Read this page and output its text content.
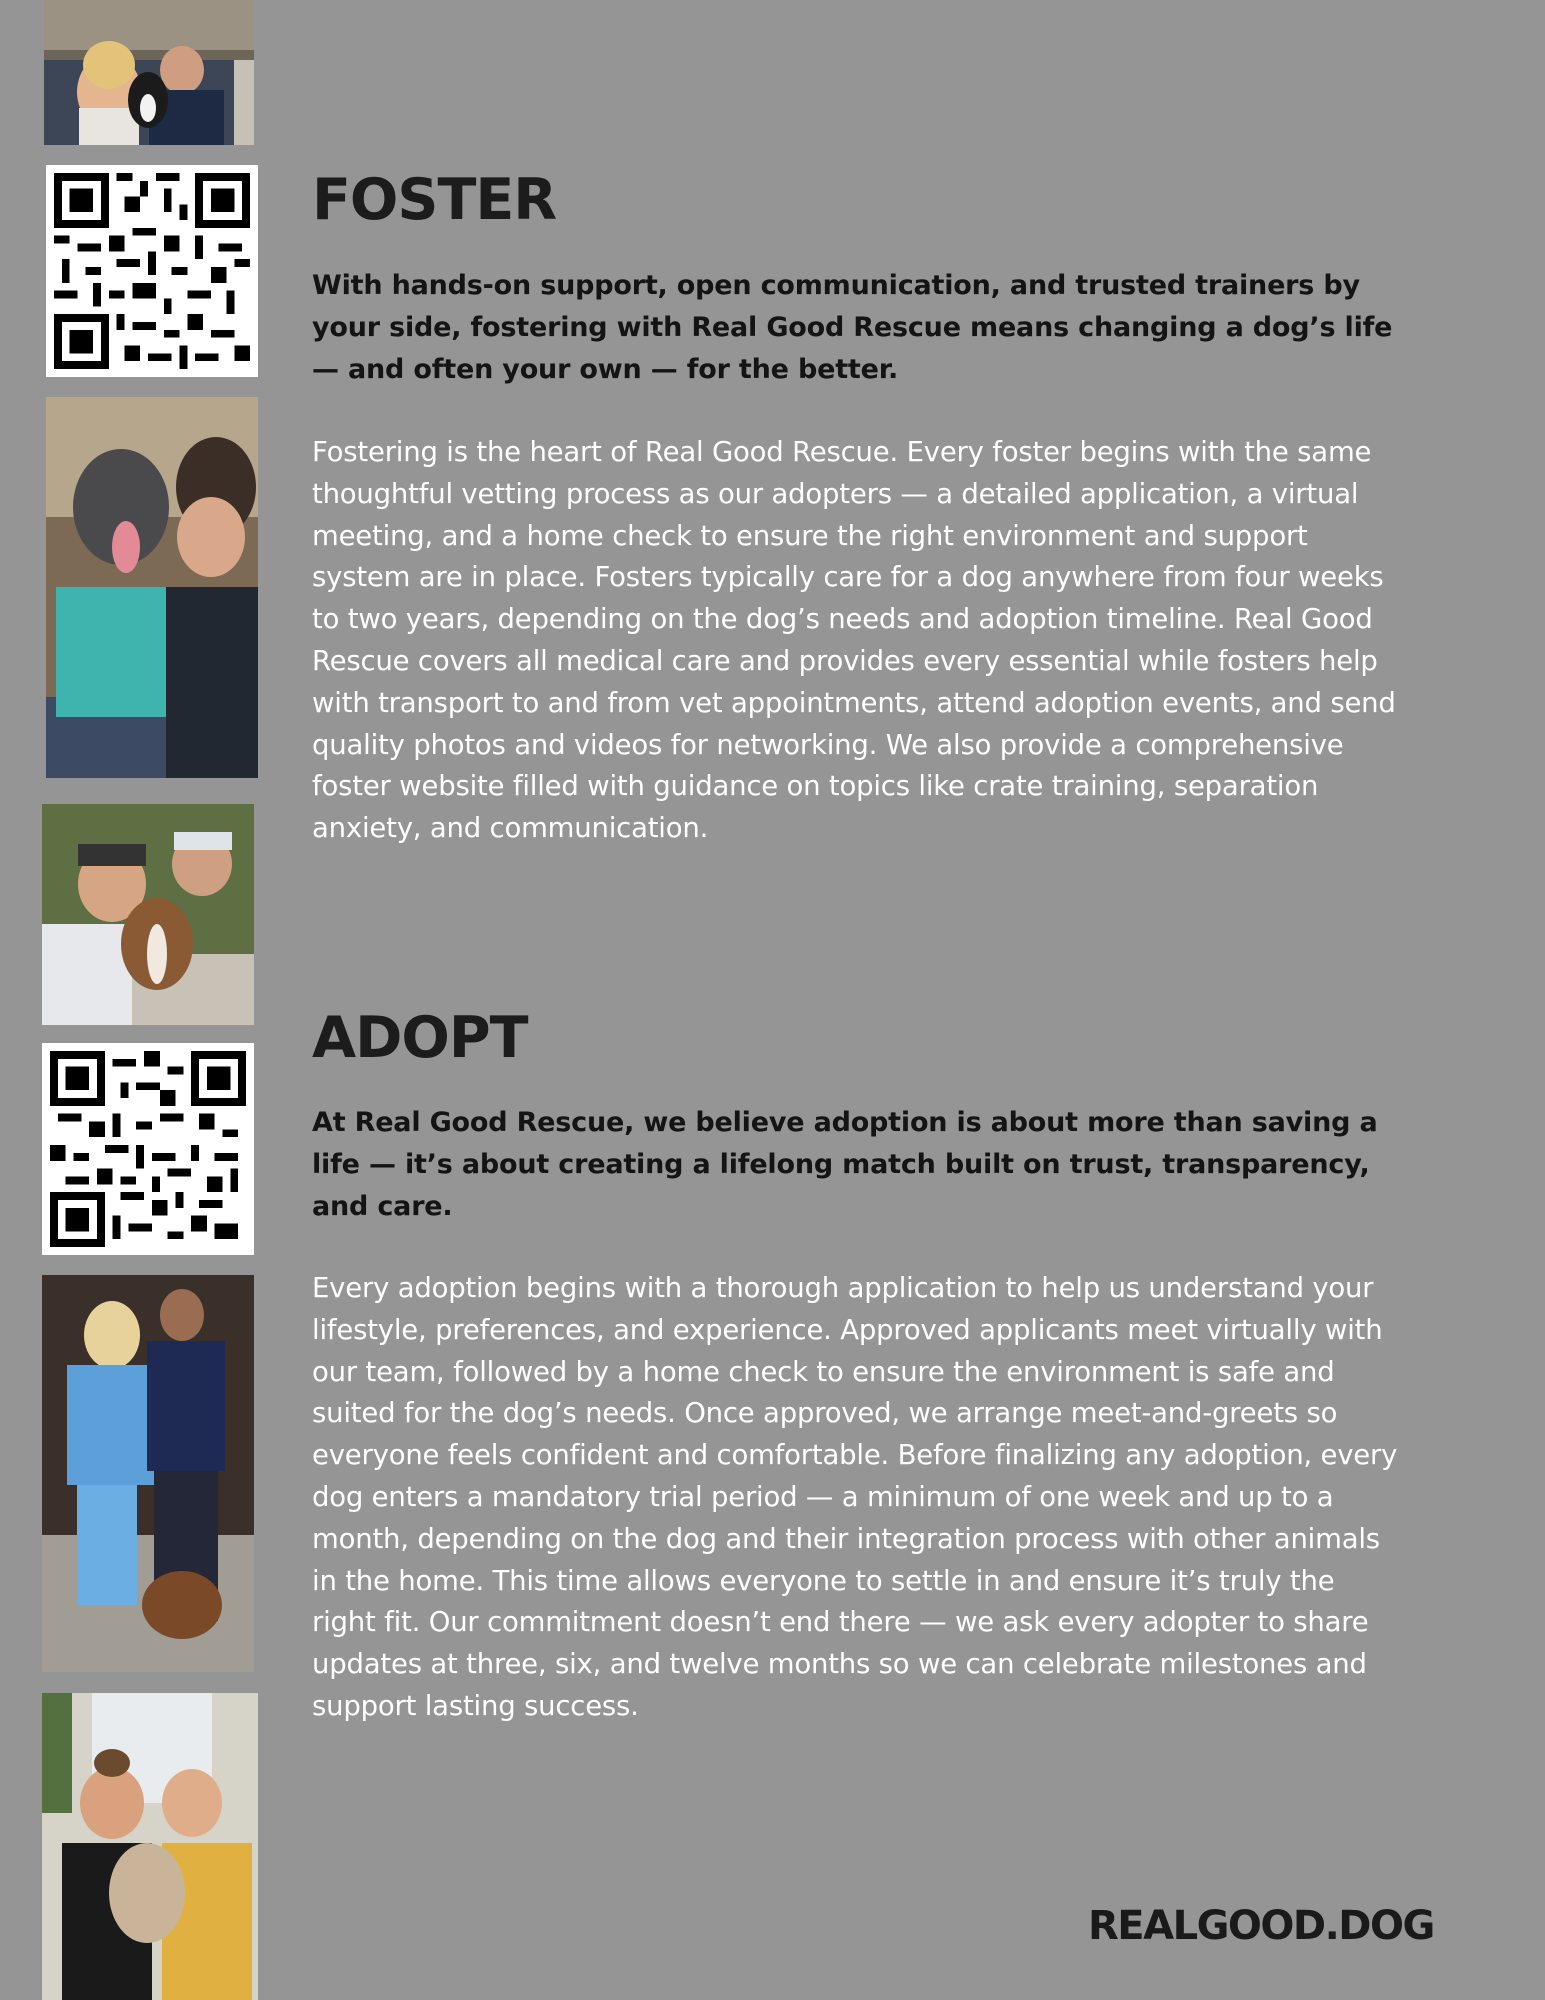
FOSTER

With hands-on support, open communication, and trusted trainers by your side, fostering with Real Good Rescue means changing a dog’s life — and often your own — for the better.

Fostering is the heart of Real Good Rescue. Every foster begins with the same thoughtful vetting process as our adopters — a detailed application, a virtual meeting, and a home check to ensure the right environment and support system are in place. Fosters typically care for a dog anywhere from four weeks to two years, depending on the dog’s needs and adoption timeline. Real Good Rescue covers all medical care and provides every essential while fosters help with transport to and from vet appointments, attend adoption events, and send quality photos and videos for networking. We also provide a comprehensive foster website filled with guidance on topics like crate training, separation anxiety, and communication.

ADOPT

At Real Good Rescue, we believe adoption is about more than saving a life — it’s about creating a lifelong match built on trust, transparency, and care.

Every adoption begins with a thorough application to help us understand your lifestyle, preferences, and experience. Approved applicants meet virtually with our team, followed by a home check to ensure the environment is safe and suited for the dog’s needs. Once approved, we arrange meet-and-greets so everyone feels confident and comfortable. Before finalizing any adoption, every dog enters a mandatory trial period — a minimum of one week and up to a month, depending on the dog and their integration process with other animals in the home. This time allows everyone to settle in and ensure it’s truly the right fit. Our commitment doesn’t end there — we ask every adopter to share updates at three, six, and twelve months so we can celebrate milestones and support lasting success.

REALGOOD.DOG
